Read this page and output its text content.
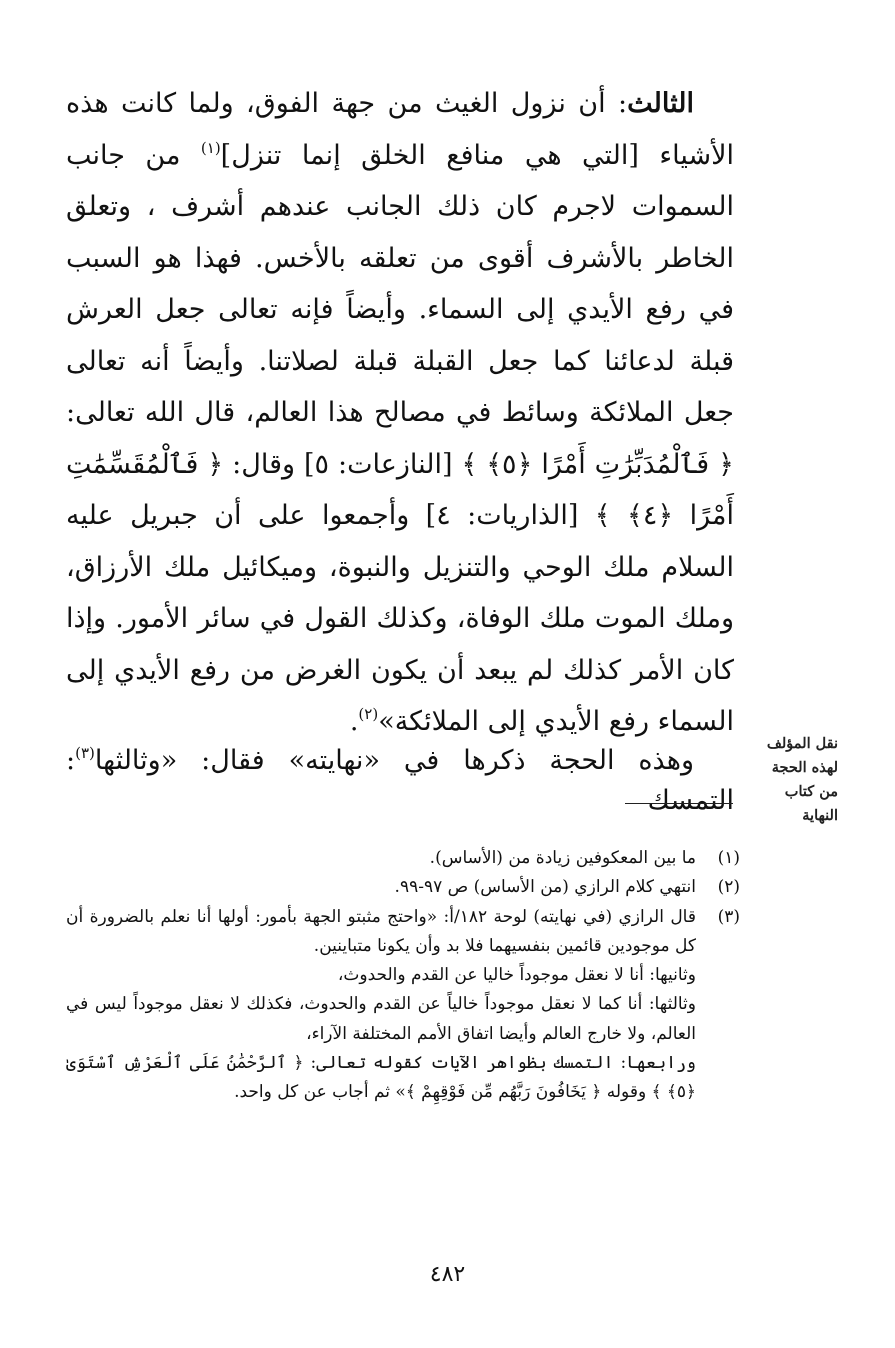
الثالث: أن نزول الغيث من جهة الفوق، ولما كانت هذه الأشياء [التي هي منافع الخلق إنما تنزل]$^{(١)}$ من جانب السموات لاجرم كان ذلك الجانب عندهم أشرف ، وتعلق الخاطر بالأشرف أقوى من تعلقه بالأخس. فهذا هو السبب في رفع الأيدي إلى السماء. وأيضاً فإنه تعالى جعل العرش قبلة لدعائنا كما جعل القبلة قبلة لصلاتنا. وأيضاً أنه تعالى جعل الملائكة وسائط في مصالح هذا العالم، قال الله تعالى: ﴿ فَٱلْمُدَبِّرَٰتِ أَمْرًا ﴿٥﴾ ﴾ [النازعات: ٥] وقال: ﴿ فَٱلْمُقَسِّمَٰتِ أَمْرًا ﴿٤﴾ ﴾ [الذاريات: ٤] وأجمعوا على أن جبريل عليه السلام ملك الوحي والتنزيل والنبوة، وميكائيل ملك الأرزاق، وملك الموت ملك الوفاة، وكذلك القول في سائر الأمور. وإذا كان الأمر كذلك لم يبعد أن يكون الغرض من رفع الأيدي إلى السماء رفع الأيدي إلى الملائكة»$^{(٢)}$.

وهذه الحجة ذكرها في «نهايته» فقال: «وثالثها$^{(٣)}$: التمسك
نقل المؤلف
لهذه الحجة
من كتاب
النهاية
(١)
ما بين المعكوفين زيادة من (الأساس).
(٢)
انتهي كلام الرازي (من الأساس) ص ٩٧-٩٩.
(٣)
قال الرازي (في نهايته) لوحة ١٨٢/أ: «واحتج مثبتو الجهة بأمور: أولها أنا نعلم بالضرورة أن كل موجودين قائمين بنفسيهما فلا بد وأن يكونا متباينين.
وثانيها: أنا لا نعقل موجوداً خاليا عن القدم والحدوث،
وثالثها: أنا كما لا نعقل موجوداً خالياً عن القدم والحدوث، فكذلك لا نعقل موجوداً ليس في العالم، ولا خارج العالم وأيضا اتفاق الأمم المختلفة الآراء،
ورابعها: التمسك بظواهر الآيات كقوله تعالى: ﴿ ٱلرَّحْمَٰنُ عَلَى ٱلْعَرْشِ ٱسْتَوَىٰ ﴿٥﴾ ﴾ وقوله ﴿ يَخَافُونَ رَبَّهُم مِّن فَوْقِهِمْ ﴾» ثم أجاب عن كل واحد.
٤٨٢
